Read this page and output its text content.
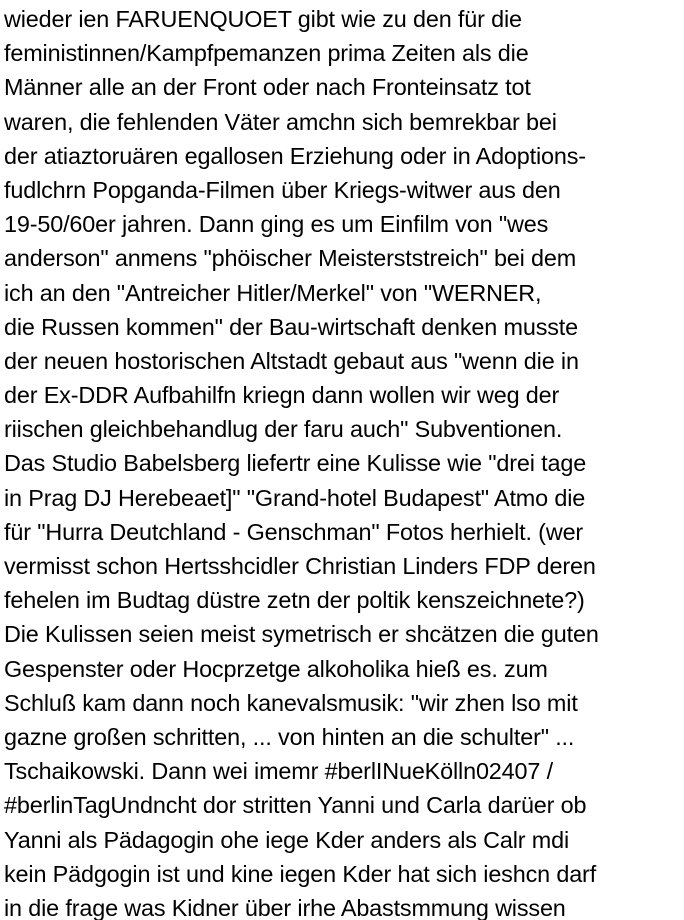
wieder ien FARUENQUOET gibt wie zu den für die
feministinnen/Kampfpemanzen prima Zeiten als die
Männer alle an der Front oder nach Fronteinsatz tot
waren, die fehlenden Väter amchn sich bemrekbar bei
der atiaztoruären egallosen Erziehung oder in Adoptions-
fudlchrn Popganda-Filmen über Kriegs-witwer aus den
19-50/60er jahren. Dann ging es um Einfilm von "wes
anderson" anmens "phöischer Meisterststreich" bei dem
ich an den "Antreicher Hitler/Merkel" von "WERNER,
die Russen kommen" der Bau-wirtschaft denken musste
der neuen hostorischen Altstadt gebaut aus "wenn die in
der Ex-DDR Aufbahilfn kriegn dann wollen wir weg der
riischen gleichbehandlug der faru auch" Subventionen.
Das Studio Babelsberg liefertr eine Kulisse wie "drei tage
in Prag DJ Herebeaet]" "Grand-hotel Budapest" Atmo die
für "Hurra Deutchland - Genschman" Fotos herhielt. (wer
vermisst schon Hertsshcidler Christian Linders FDP deren
fehelen im Budtag düstre zetn der poltik kenszeichnete?)
Die Kulissen seien meist symetrisch er shcätzen die guten
Gespenster oder Hocprzetge alkoholika hieß es. zum
Schluß kam dann noch kanevalsmusik: "wir zhen lso mit
gazne großen schritten, ... von hinten an die schulter" ...
Tschaikowski. Dann wei imemr #berlINueKölln02407 /
#berlinTagUndncht dor stritten Yanni und Carla darüer ob
Yanni als Pädagogin ohe iege Kder anders als Calr mdi
kein Pädgogin ist und kine iegen Kder hat sich ieshcn darf
in die frage was Kidner über irhe Abastsmmung wissen
